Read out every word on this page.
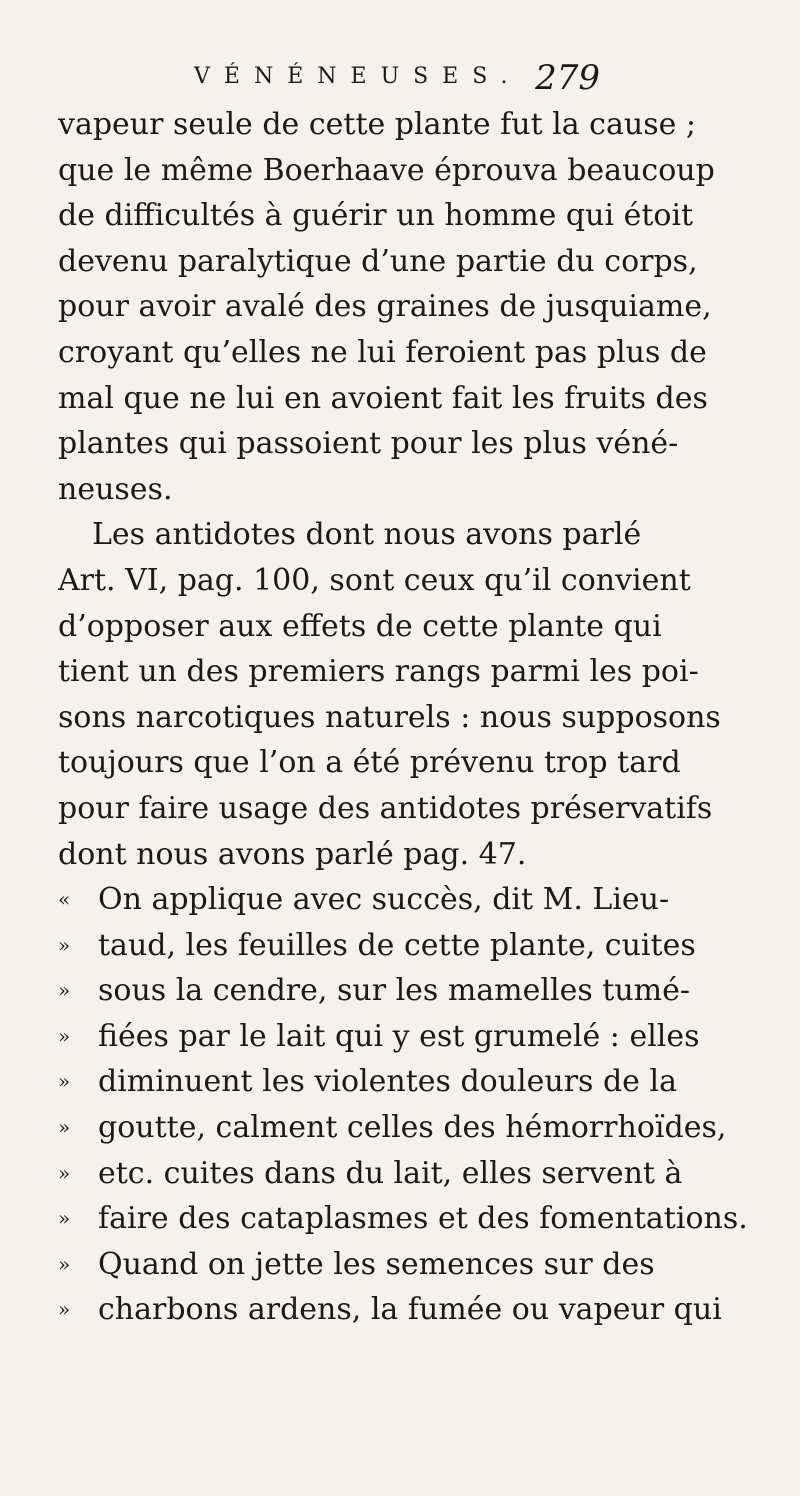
VÉNÉNEUSES. 279
vapeur seule de cette plante fut la cause ;
que le même Boerhaave éprouva beaucoup
de difficultés à guérir un homme qui étoit
devenu paralytique d’une partie du corps,
pour avoir avalé des graines de jusquiame,
croyant qu’elles ne lui feroient pas plus de
mal que ne lui en avoient fait les fruits des
plantes qui passoient pour les plus véné-
neuses.
Les antidotes dont nous avons parlé
Art. VI, pag. 100, sont ceux qu’il convient
d’opposer aux effets de cette plante qui
tient un des premiers rangs parmi les poi-
sons narcotiques naturels : nous supposons
toujours que l’on a été prévenu trop tard
pour faire usage des antidotes préservatifs
dont nous avons parlé pag. 47.
« On applique avec succès, dit M. Lieu-
» taud, les feuilles de cette plante, cuites
» sous la cendre, sur les mamelles tumé-
» fiées par le lait qui y est grumelé : elles
» diminuent les violentes douleurs de la
» goutte, calment celles des hémorrhoïdes,
» etc. cuites dans du lait, elles servent à
» faire des cataplasmes et des fomentations.
» Quand on jette les semences sur des
» charbons ardens, la fumée ou vapeur qui
